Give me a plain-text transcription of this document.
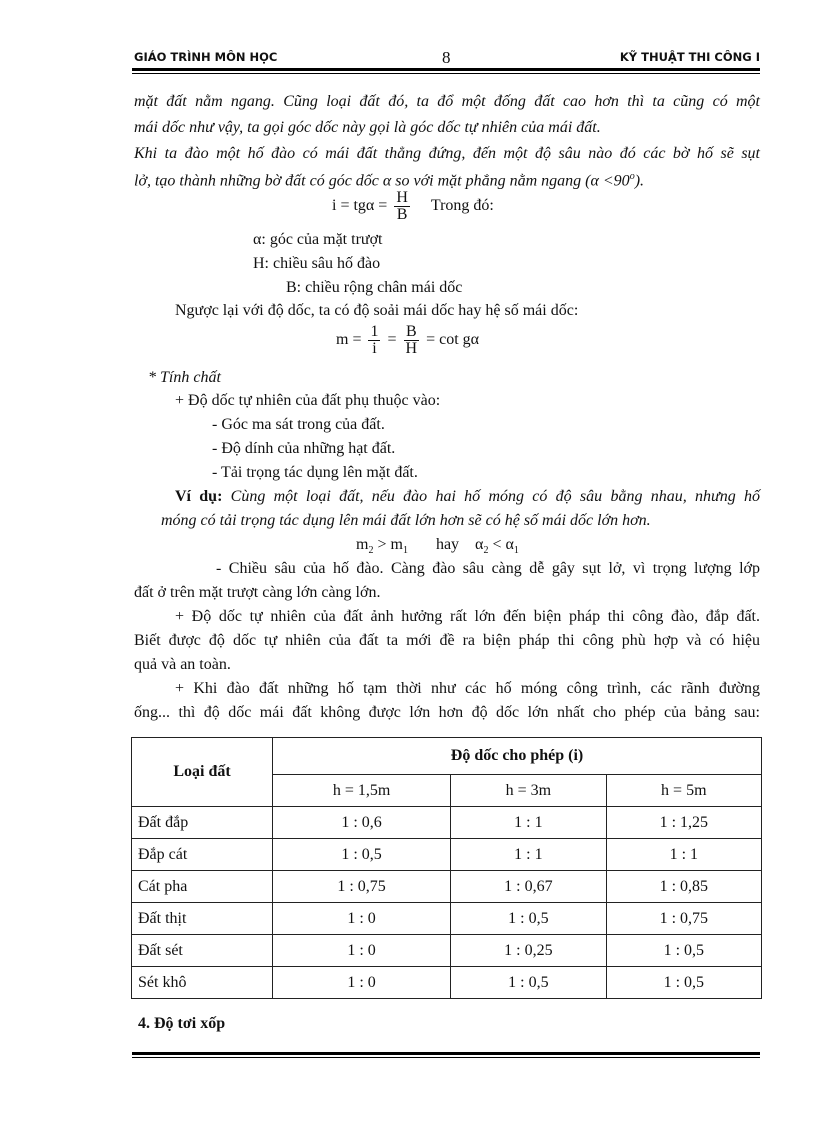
GIÁO TRÌNH MÔN HỌC	8	KỸ THUẬT THI CÔNG I
mặt đất nằm ngang. Cũng loại đất đó, ta đổ một đống đất cao hơn thì ta cũng có một
mái dốc như vậy, ta gọi góc dốc này gọi là góc dốc tự nhiên của mái đất.
Khi ta đào một hố đào có mái đất thẳng đứng, đến một độ sâu nào đó các bờ hố sẽ sụt
lở, tạo thành những bờ đất có góc dốc α so với mặt phẳng nằm ngang $(\alpha <90^o)$.
$i = tg\alpha = \frac{H}{B}$ Trong đó:
α: góc của mặt trượt
H: chiều sâu hố đào
B: chiều rộng chân mái dốc
Ngược lại với độ dốc, ta có độ soải mái dốc hay hệ số mái dốc:
$m = \frac{1}{i} = \frac{B}{H} = \cot g\alpha$
* Tính chất
+ Độ dốc tự nhiên của đất phụ thuộc vào:
- Góc ma sát trong của đất.
- Độ dính của những hạt đất.
- Tải trọng tác dụng lên mặt đất.
Ví dụ: Cùng một loại đất, nếu đào hai hố móng có độ sâu bằng nhau, nhưng hố
móng có tải trọng tác dụng lên mái đất lớn hơn sẽ có hệ số mái dốc lớn hơn.
$m_2 > m_1$ hay $\alpha_2 < \alpha_1$
- Chiều sâu của hố đào. Càng đào sâu càng dễ gây sụt lở, vì trọng lượng lớp
đất ở trên mặt trượt càng lớn càng lớn.
+ Độ dốc tự nhiên của đất ảnh hưởng rất lớn đến biện pháp thi công đào, đắp đất.
Biết được độ dốc tự nhiên của đất ta mới đề ra biện pháp thi công phù hợp và có hiệu
quả và an toàn.
+ Khi đào đất những hố tạm thời như các hố móng công trình, các rãnh đường
ống... thì độ dốc mái đất không được lớn hơn độ dốc lớn nhất cho phép của bảng sau:
Loại đất	Độ dốc cho phép (i)		
	h = 1,5m	h = 3m	h = 5m
Đất đắp	1 : 0,6	1 : 1	1 : 1,25
Đắp cát	1 : 0,5	1 : 1	1 : 1
Cát pha	1 : 0,75	1 : 0,67	1 : 0,85
Đất thịt	1 : 0	1 : 0,5	1 : 0,75
Đất sét	1 : 0	1 : 0,25	1 : 0,5
Sét khô	1 : 0	1 : 0,5	1 : 0,5
4. Độ tơi xốp
